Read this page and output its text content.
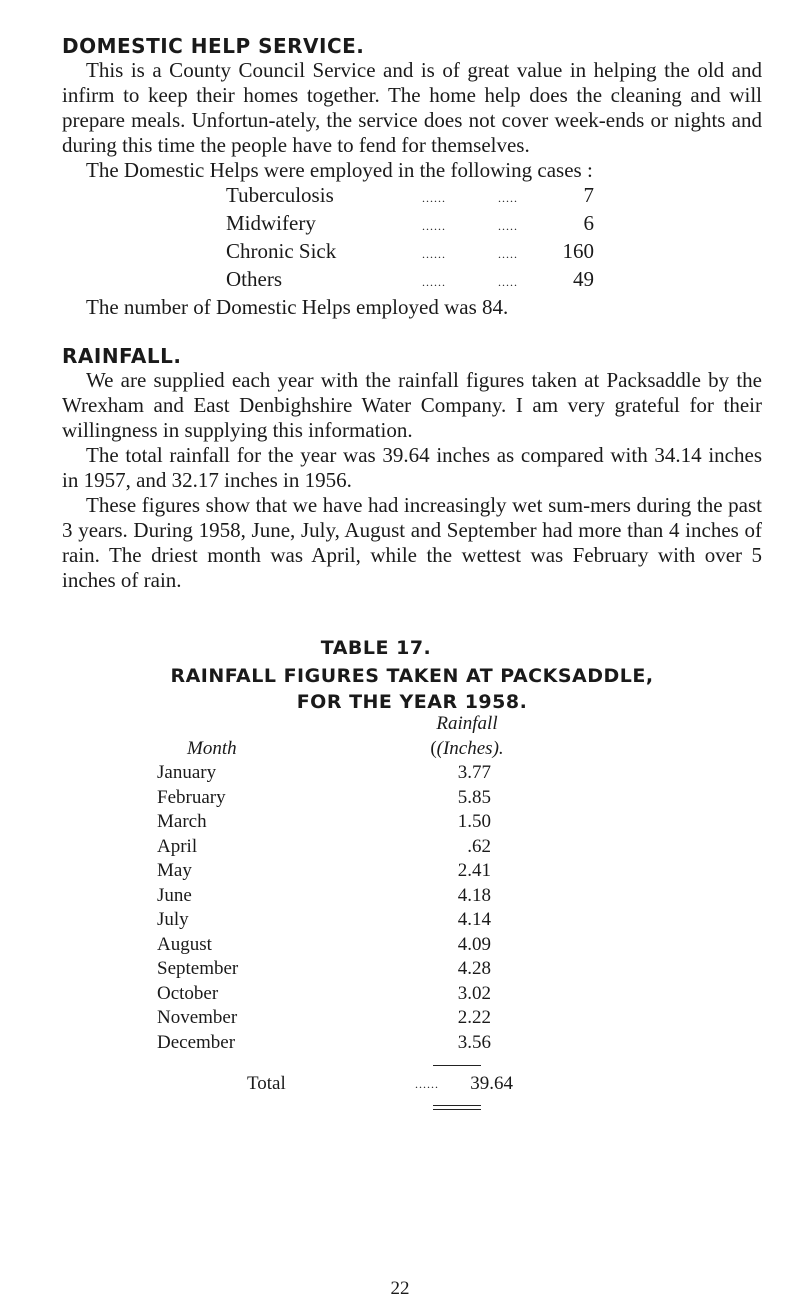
DOMESTIC HELP SERVICE.

This is a County Council Service and is of great value in helping the old and infirm to keep their homes together. The home help does the cleaning and will prepare meals. Unfortun-ately, the service does not cover week-ends or nights and during this time the people have to fend for themselves.

The Domestic Helps were employed in the following cases :

Tuberculosis	......	.....	7
Midwifery	......	.....	6
Chronic Sick	......	.....	160
Others	......	.....	49

The number of Domestic Helps employed was 84.

RAINFALL.

We are supplied each year with the rainfall figures taken at Packsaddle by the Wrexham and East Denbighshire Water Company. I am very grateful for their willingness in supplying this information.

The total rainfall for the year was 39.64 inches as compared with 34.14 inches in 1957, and 32.17 inches in 1956.

These figures show that we have had increasingly wet sum-mers during the past 3 years. During 1958, June, July, August and September had more than 4 inches of rain. The driest month was April, while the wettest was February with over 5 inches of rain.

TABLE 17.

RAINFALL FIGURES TAKEN AT PACKSADDLE,

FOR THE YEAR 1958.

Rainfall
Month	((Inches).
January	3.77
February	5.85
March	1.50
April	.62
May	2.41
June	4.18
July	4.14
August	4.09
September	4.28
October	3.02
November	2.22
December	3.56
Total	......	39.64
22
